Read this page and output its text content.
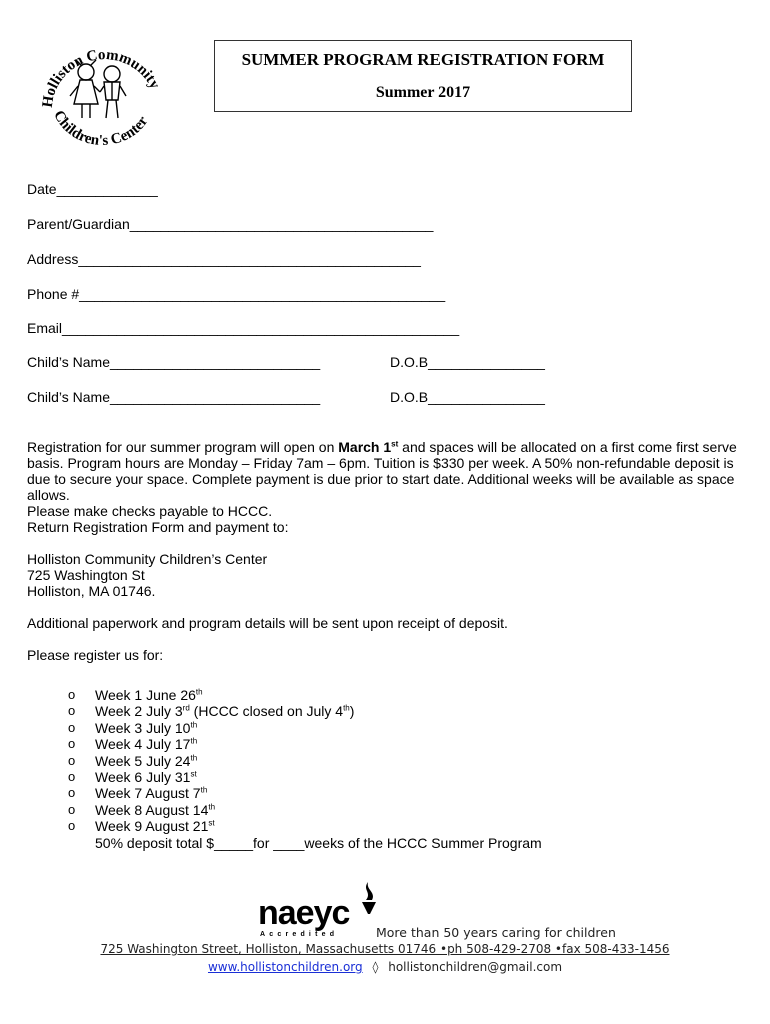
Holliston Community
Children's Center
SUMMER PROGRAM REGISTRATION FORM
Summer 2017
Date_____________
Parent/Guardian_______________________________________
Address____________________________________________
Phone #_______________________________________________
Email___________________________________________________
Child’s Name___________________________	D.O.B_______________
Child’s Name___________________________	D.O.B_______________

Registration for our summer program will open on March 1st and spaces will be allocated on a first come first serve basis. Program hours are Monday – Friday 7am – 6pm. Tuition is $330 per week. A 50% non-refundable deposit is due to secure your space. Complete payment is due prior to start date. Additional weeks will be available as space allows.

Please make checks payable to HCCC.

Return Registration Form and payment to:

Holliston Community Children’s Center

725 Washington St

Holliston, MA 01746.

Additional paperwork and program details will be sent upon receipt of deposit.

Please register us for:

o	Week 1 June 26th
o	Week 2 July 3rd (HCCC closed on July 4th)
o	Week 3 July 10th
o	Week 4 July 17th
o	Week 5 July 24th
o	Week 6 July 31st
o	Week 7 August 7th
o	Week 8 August 14th
o	Week 9 August 21st
50% deposit total $_____for ____weeks of the HCCC Summer Program
naeyc
Accredited	More than 50 years caring for children
725 Washington Street, Holliston, Massachusetts 01746 •ph 508-429-2708 •fax 508-433-1456
www.hollistonchildren.org ◊ hollistonchildren@gmail.com
